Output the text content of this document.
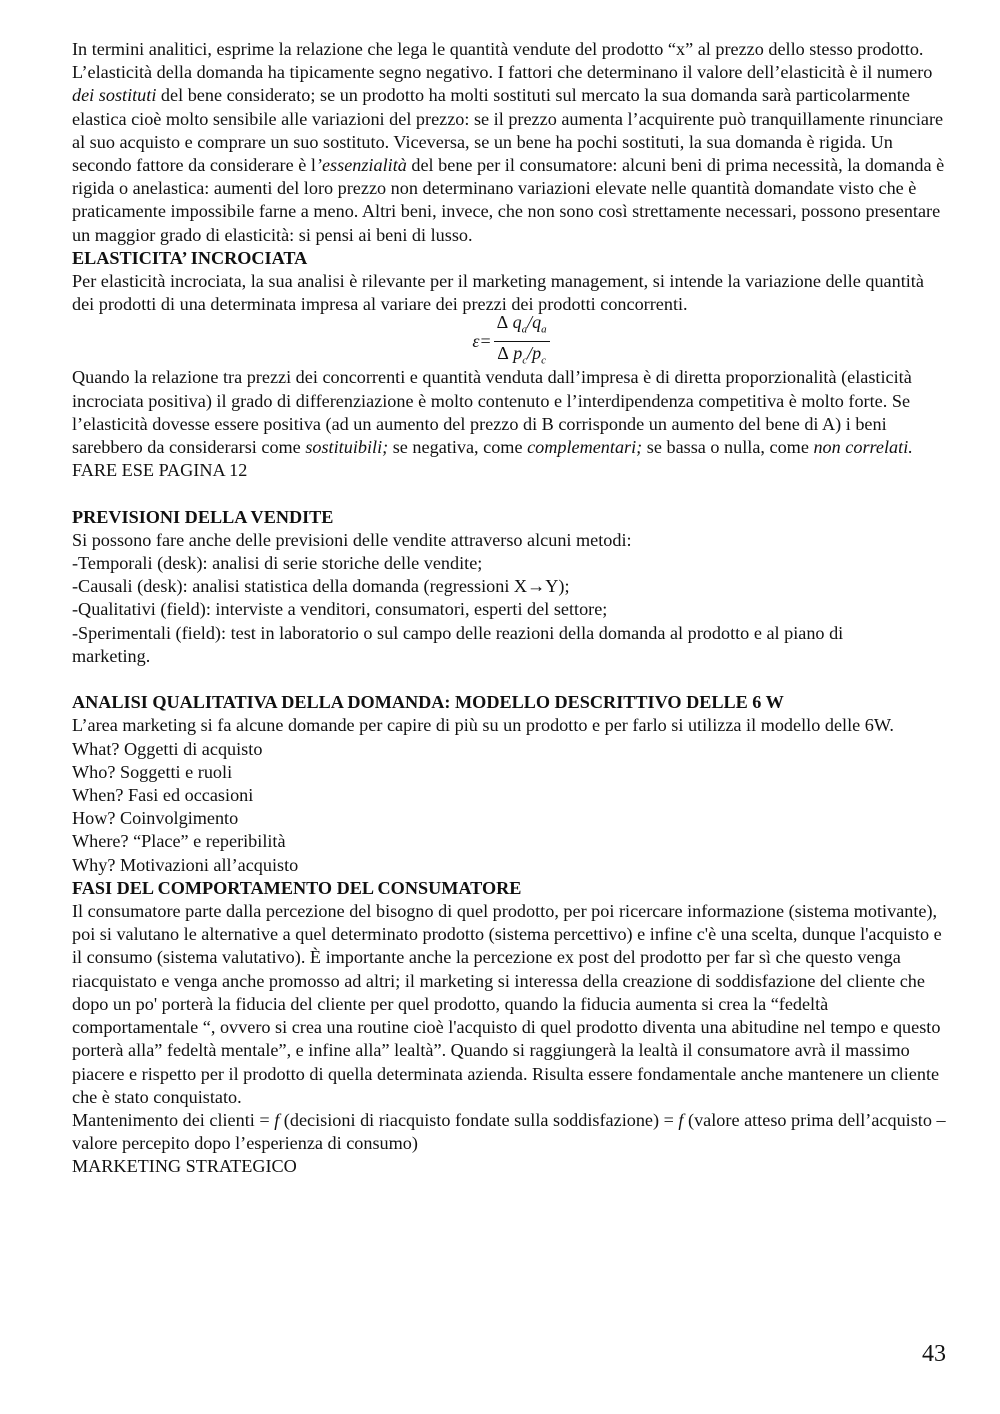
In termini analitici, esprime la relazione che lega le quantità vendute del prodotto “x” al prezzo dello stesso prodotto.

L’elasticità della domanda ha tipicamente segno negativo. I fattori che determinano il valore dell’elasticità è il numero dei sostituti del bene considerato; se un prodotto ha molti sostituti sul mercato la sua domanda sarà particolarmente elastica cioè molto sensibile alle variazioni del prezzo: se il prezzo aumenta l’acquirente può tranquillamente rinunciare al suo acquisto e comprare un suo sostituto. Viceversa, se un bene ha pochi sostituti, la sua domanda è rigida. Un secondo fattore da considerare è l’essenzialità del bene per il consumatore: alcuni beni di prima necessità, la domanda è rigida o anelastica: aumenti del loro prezzo non determinano variazioni elevate nelle quantità domandate visto che è praticamente impossibile farne a meno. Altri beni, invece, che non sono così strettamente necessari, possono presentare un maggior grado di elasticità: si pensi ai beni di lusso.

ELASTICITA’ INCROCIATA

Per elasticità incrociata, la sua analisi è rilevante per il marketing management, si intende la variazione delle quantità dei prodotti di una determinata impresa al variare dei prezzi dei prodotti concorrenti.

$\varepsilon= \frac{\Delta q_a/q_a}{\Delta p_c/p_c}$

Quando la relazione tra prezzi dei concorrenti e quantità venduta dall’impresa è di diretta proporzionalità (elasticità incrociata positiva) il grado di differenziazione è molto contenuto e l’interdipendenza competitiva è molto forte. Se l’elasticità dovesse essere positiva (ad un aumento del prezzo di B corrisponde un aumento del bene di A) i beni sarebbero da considerarsi come sostituibili; se negativa, come complementari; se bassa o nulla, come non correlati.

FARE ESE PAGINA 12

PREVISIONI DELLA VENDITE

Si possono fare anche delle previsioni delle vendite attraverso alcuni metodi:

-Temporali (desk): analisi di serie storiche delle vendite;

-Causali (desk): analisi statistica della domanda (regressioni X→Y);

-Qualitativi (field): interviste a venditori, consumatori, esperti del settore;

-Sperimentali (field): test in laboratorio o sul campo delle reazioni della domanda al prodotto e al piano di marketing.

ANALISI QUALITATIVA DELLA DOMANDA: MODELLO DESCRITTIVO DELLE 6 W

L’area marketing si fa alcune domande per capire di più su un prodotto e per farlo si utilizza il modello delle 6W.

What? Oggetti di acquisto

Who? Soggetti e ruoli

When? Fasi ed occasioni

How? Coinvolgimento

Where? “Place” e reperibilità

Why? Motivazioni all’acquisto

FASI DEL COMPORTAMENTO DEL CONSUMATORE

Il consumatore parte dalla percezione del bisogno di quel prodotto, per poi ricercare informazione (sistema motivante), poi si valutano le alternative a quel determinato prodotto (sistema percettivo) e infine c'è una scelta, dunque l'acquisto e il consumo (sistema valutativo). È importante anche la percezione ex post del prodotto per far sì che questo venga riacquistato e venga anche promosso ad altri; il marketing si interessa della creazione di soddisfazione del cliente che dopo un po' porterà la fiducia del cliente per quel prodotto, quando la fiducia aumenta si crea la “fedeltà comportamentale “, ovvero si crea una routine cioè l'acquisto di quel prodotto diventa una abitudine nel tempo e questo porterà alla” fedeltà mentale”, e infine alla” lealtà”. Quando si raggiungerà la lealtà il consumatore avrà il massimo piacere e rispetto per il prodotto di quella determinata azienda. Risulta essere fondamentale anche mantenere un cliente che è stato conquistato.

Mantenimento dei clienti = f (decisioni di riacquisto fondate sulla soddisfazione) = f (valore atteso prima dell’acquisto – valore percepito dopo l’esperienza di consumo)

MARKETING STRATEGICO

43
